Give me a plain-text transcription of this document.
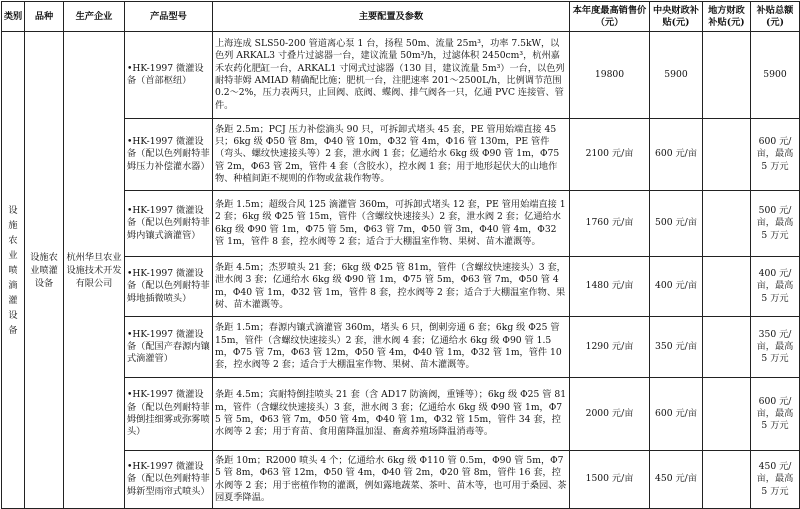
类别	品种	生产企业	产品型号	主要配置及参数	本年度最高销售价（元）	中央财政补贴(元)	地方财政补贴(元)	补贴总额(元)
设施农业喷滴灌设备	设施农业喷灌设备	杭州华旦农业设施技术开发有限公司	•HK-1997 微灌设备（首部枢纽）	上海连成 SLS50-200 管道离心泵 1 台，扬程 50m、流量 25m³，功率 7.5kW，以色列 ARKAL3 寸叠片过滤器一台，建议流量 50m³/h，过滤体积 2450cm³，杭州嘉禾农药化肥缸一台，ARKAL1 寸网式过滤器（130 目，建议流量 5m³）一台，以色列耐特菲姆 AMIAD 精确配比施；肥机一台，注肥速率 201～2500L/h，比例调节范围 0.2～2%，压力表两只，止回阀、底阀、蝶阀、排气阀各一只，亿通 PVC 连接管、管件。	19800	5900		5900
			•HK-1997 微灌设备（配以色列耐特菲姆压力补偿灌水器）	条距 2.5m；PCJ 压力补偿滴头 90 只，可拆卸式堵头 45 套，PE 管用始端直接 45 只；6kg 级 Φ50 管 8m，Φ40 管 10m，Φ32 管 4m，Φ16 管 130m，PE 管件（弯头、螺纹快速接头等）2 套，泄水阀 1 套；亿通给水 6kg 级 Φ90 管 1m，Φ75 管 2m，Φ63 管 2m，管件 4 套（含胶水），控水阀 1 套；用于地形起伏大的山地作物、种植间距不规则的作物或盆栽作物等。	2100 元/亩	600 元/亩		600 元/亩，最高 5 万元
			•HK-1997 微灌设备（配以色列耐特菲姆内镶式滴灌管）	条距 1.5m；超级合风 125 滴灌管 360m，可拆卸式堵头 12 套，PE 管用始端直接 12 套；6kg 级 Φ25 管 15m，管件（含螺纹快速接头）2 套，泄水阀 2 套；亿通给水 6kg 级 Φ90 管 1m，Φ75 管 5m，Φ63 管 7m，Φ50 管 3m，Φ40 管 4m，Φ32 管 1m，管件 8 套，控水阀等 2 套；适合于大棚温室作物、果树、苗木灌溉等。	1760 元/亩	500 元/亩		500 元/亩，最高 5 万元
			•HK-1997 微灌设备（配以色列耐特菲姆地插微喷头）	条距 4.5m；杰罗喷头 21 套；6kg 级 Φ25 管 81m，管件（含螺纹快速接头）3 套，泄水阀 3 套；亿通给水 6kg 级 Φ90 管 1m，Φ75 管 5m，Φ63 管 7m，Φ50 管 4m，Φ40 管 1m，Φ32 管 1m，管件 8 套，控水阀等 2 套；适合于大棚温室作物、果树、苗木灌溉等。	1480 元/亩	400 元/亩		400 元/亩，最高 5 万元
			•HK-1997 微灌设备（配国产春源内镶式滴灌管）	条距 1.5m；春源内镶式滴灌管 360m，堵头 6 只，倒刺旁通 6 套；6kg 级 Φ25 管 15m，管件（含螺纹快速接头）2 套，泄水阀 4 套；亿通给水 6kg 级 Φ90 管 1.5m，Φ75 管 7m，Φ63 管 12m，Φ50 管 4m，Φ40 管 1m，Φ32 管 1m，管件 10 套，控水阀等 2 套；适合于大棚温室作物、果树、苗木灌溉等。	1290 元/亩	350 元/亩		350 元/亩，最高 5 万元
			•HK-1997 微灌设备（配以色列耐特菲姆倒挂细雾或弥雾喷头）	条距 4.5m；宾耐特倒挂喷头 21 套（含 AD17 防滴阀，重锤等）；6kg 级 Φ25 管 81m，管件（含螺纹快速接头）3 套，泄水阀 3 套；亿通给水 6kg 级 Φ90 管 1m，Φ75 管 5m，Φ63 管 7m，Φ50 管 4m，Φ40 管 1m，Φ32 管 15m，管件 34 套，控水阀等 2 套；用于育苗、食用菌降温加湿、畜禽养殖场降温消毒等。	2000 元/亩	600 元/亩		600 元/亩，最高 5 万元
			•HK-1997 微灌设备（配以色列耐特菲姆新型雨帘式喷头）	条距 10m；R2000 喷头 4 个；亿通给水 6kg 级 Φ110 管 0.5m，Φ90 管 5m，Φ75 管 8m，Φ63 管 12m，Φ50 管 4m，Φ40 管 2m，Φ20 管 8m，管件 16 套，控水阀等 2 套；用于密植作物的灌溉，例如露地蔬菜、茶叶、苗木等，也可用于桑园、茶园夏季降温。	1500 元/亩	450 元/亩		450 元/亩，最高 5 万元
